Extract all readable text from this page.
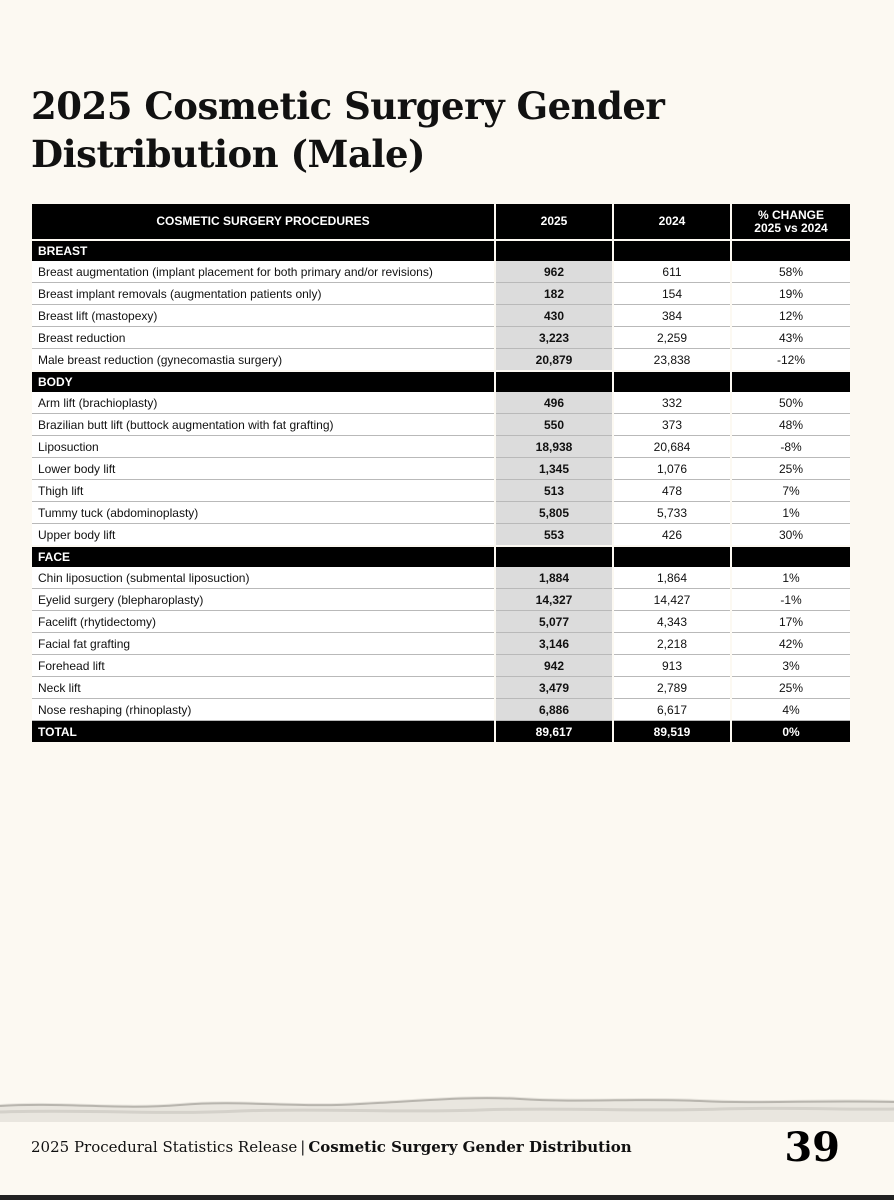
2025 Cosmetic Surgery Gender Distribution (Male)
COSMETIC SURGERY PROCEDURES	2025	2024	% CHANGE
2025 vs 2024
BREAST			
Breast augmentation (implant placement for both primary and/or revisions)	962	611	58%
Breast implant removals (augmentation patients only)	182	154	19%
Breast lift (mastopexy)	430	384	12%
Breast reduction	3,223	2,259	43%
Male breast reduction (gynecomastia surgery)	20,879	23,838	-12%
BODY			
Arm lift (brachioplasty)	496	332	50%
Brazilian butt lift (buttock augmentation with fat grafting)	550	373	48%
Liposuction	18,938	20,684	-8%
Lower body lift	1,345	1,076	25%
Thigh lift	513	478	7%
Tummy tuck (abdominoplasty)	5,805	5,733	1%
Upper body lift	553	426	30%
FACE			
Chin liposuction (submental liposuction)	1,884	1,864	1%
Eyelid surgery (blepharoplasty)	14,327	14,427	-1%
Facelift (rhytidectomy)	5,077	4,343	17%
Facial fat grafting	3,146	2,218	42%
Forehead lift	942	913	3%
Neck lift	3,479	2,789	25%
Nose reshaping (rhinoplasty)	6,886	6,617	4%
TOTAL	89,617	89,519	0%
2025 Procedural Statistics Release | Cosmetic Surgery Gender Distribution	39
